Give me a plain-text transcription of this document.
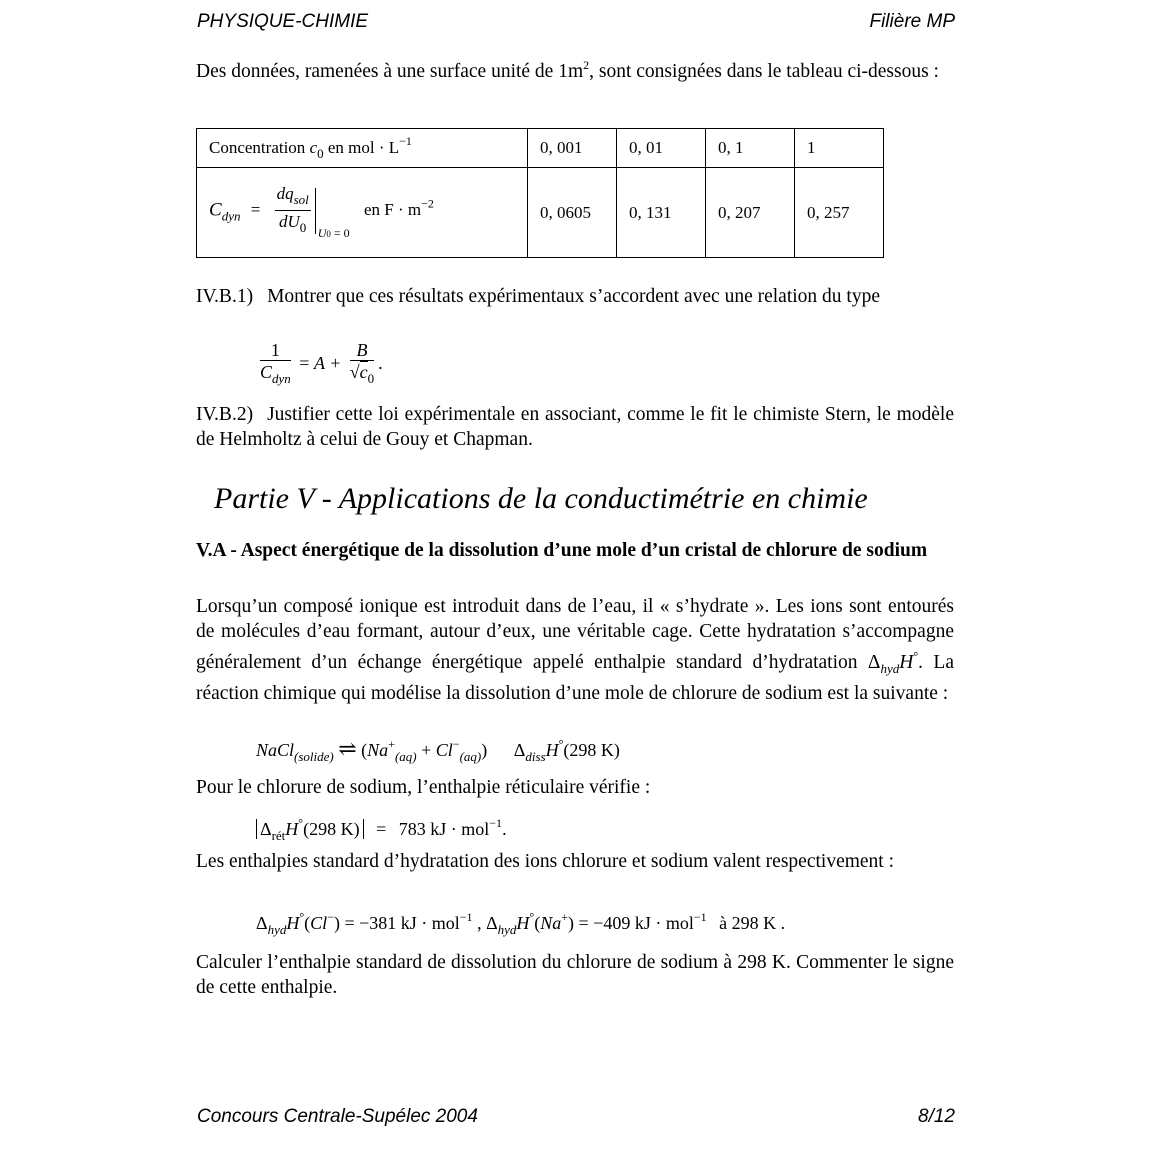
PHYSIQUE-CHIMIE	Filière MP

Des données, ramenées à une surface unité de $1m^2$, sont consignées dans le tableau ci-dessous :

Concentration $c_0$ en mol · $L^{-1}$	0, 001	0, 01	0, 1	1
$C_{dyn} = \frac{dq_{sol}}{dU_0} _{U0 = 0}$ en $F \cdot m^{-2}$	0, 0605	0, 131	0, 207	0, 257

IV.B.1) Montrer que ces résultats expérimentaux s’accordent avec une relation du type

$\frac{1}{C_{dyn}} = A + \frac{B}{√c_0}$ .

IV.B.2) Justifier cette loi expérimentale en associant, comme le fit le chimiste Stern, le modèle de Helmholtz à celui de Gouy et Chapman.

Partie V - Applications de la conductimétrie en chimie
V.A - Aspect énergétique de la dissolution d’une mole d’un cristal de chlorure de sodium

Lorsqu’un composé ionique est introduit dans de l’eau, il « s’hydrate ». Les ions sont entourés de molécules d’eau formant, autour d’eux, une véritable cage. Cette hydratation s’accompagne généralement d’un échange énergétique appelé enthalpie standard d’hydratation $\Delta_{hyd}H^\circ$. La réaction chimique qui modélise la dissolution d’une mole de chlorure de sodium est la suivante :

NaCl$_{(solide)}$ ⇌ $(Na^+_{(aq)} + Cl^-_{(aq)})$ $\Delta_{diss}H^\circ(298$ K)

Pour le chlorure de sodium, l’enthalpie réticulaire vérifie :

$\Delta_{rét}H^\circ(298$ K) = 783 kJ · mol$^{-1}$.

Les enthalpies standard d’hydratation des ions chlorure et sodium valent respectivement :

$\Delta_{hyd}H^\circ(Cl^-) = -381$ kJ · mol$^{-1}$ , $\Delta_{hyd}H^\circ(Na^+) = -409$ kJ · mol$^{-1}$ à 298 K .

Calculer l’enthalpie standard de dissolution du chlorure de sodium à 298 K. Commenter le signe de cette enthalpie.

Concours Centrale-Supélec 2004	8/12
